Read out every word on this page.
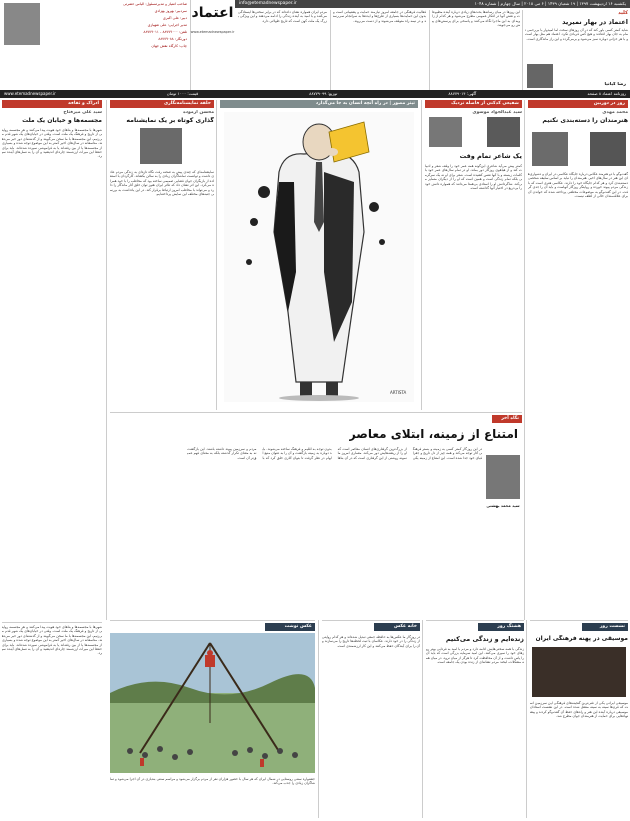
صاحب امتیاز و مدیرمسئول: الیاس حضرتی

سردبیر: بهروز بهزادی

دبیر: علی اکبری

مدیر اجرایی: علی شهبازی

تلفن: ۸۸۷۷۹۰۰۰ - ۸۸۷۷۹۰۱۱

دورنگار: ۸۸۷۷۹۰۸۸

چاپ: کارگاه نقش جهان

اعتماد
www.etemadnewspaper.ir
info@etemadnewspaper.ir	یکشنبه ۱۶ اردیبهشت ۱۳۹۷ | ۱۹ شعبان ۱۴۳۹ | ۶ می ۲۰۱۸ | سال چهارم | شماره ۱۰۴۸
کلید
اعتماد در بهار نمیرید
شاید کمتر کسی باور کند که در آن روزهای سخت اما امیدوار با بی‌رحمی تمام به جان بهار افتادند و هیچ کس فریادی نکرد. اعتماد هم مثل بهار است و با هر خزانی دوباره سبز می‌شود و برمی‌گردد و این راز ماندگاری است.
رضا کیانیا
این روزها در میان رسانه‌ها بحث‌های زیادی درباره آینده مطبوعات و نقش آنها در افکار عمومی مطرح می‌شود و هر کدام از زاویه‌ای به این ماجرا نگاه می‌کنند و پاسخی برای پرسش‌های پیش رو می‌جویند.
فعالیت فرهنگی در جامعه امروز نیازمند حمایت و پشتیبانی است و بدون این حمایت‌ها بسیاری از طرح‌ها و ایده‌ها به سرانجام نمی‌رسند و در نیمه راه متوقف می‌شوند و از دست می‌روند.
مردم ایران همواره نشان داده‌اند که در برابر سختی‌ها ایستادگی می‌کنند و با امید به آینده زندگی را ادامه می‌دهند و این ویژگی بزرگ یک ملت کهن است که تاریخ طولانی دارد.
روزنامه اعتماد ۸ صفحه
آگهی: ۸۸۷۷۹۰۱۴
توزیع: ۸۸۷۷۹۰۹۹
قیمت: ۱۰۰۰ تومان
www.etemadnewspaper.ir
روز در دوربین
محمد مهدی
هنرمندان را دسته‌بندی نکنیم
گفت‌وگو با دو هنرمند عکاس درباره جایگاه عکاسی در ایران و دشواری‌های این هنر در سال‌های اخیر. هنرمندان را نباید بر اساس سلیقه شخصی دسته‌بندی کرد و هر کدام جایگاه خود را دارند. عکاسی هنری است که با زندگی مردم پیوند خورده و روایتگر روزگار آنهاست و باید آن را جدی گرفت. در این گفت‌وگو به موضوعات مختلفی پرداخته شده که خواندن آن برای علاقه‌مندان خالی از لطف نیست.
شفیعی کدکنی از فاصله نزدیک
سید عبدالجواد موسوی
یک شاعر تمام وقت
کمتر پیش می‌آید شاعری این‌گونه همه عمر خود را وقف شعر و ادبیات کند و از هیاهوی روزگار دور بماند. او در تمام سال‌های عمر خود با کلمات زیسته و با آنها نفس کشیده است. شعر برای او نه یک سرگرمی بلکه تمام زندگی است و همین است که او را از دیگران متمایز می‌کند. شاگردانش او را استادی بی‌همتا می‌دانند که همواره دانش خود را بی‌دریغ در اختیار آنها گذاشته است.
تیتر مصور | در راه آنچه انسان به جا می‌گذارد
ARTISTA
حلقه نمایشنامه‌نگاری
محسن آزموده
گذاری کوتاه بر یک نمایشنامه
نمایشنامه‌ای که چندی پیش به صحنه رفت نگاه تازه‌ای به زندگی مردم عادی داشت و توانست تماشاگران زیادی را به سالن بکشاند. کارگردان با استفاده از بازیگران جوان فضایی صمیمی ساخته بود که مخاطب را با خود همراه می‌کرد. این اثر نشان داد که تئاتر ایران هنوز توان خلق آثار ماندگار را دارد و می‌تواند با مخاطب امروز ارتباط برقرار کند. در این یادداشت به بررسی جنبه‌های مختلف این نمایش پرداخته‌ایم.
ادراک و ثقافه
سید علی میرفتاح
مجسمه‌ها و خیابان یک ملت
شهرها با مجسمه‌ها و بناهای خود هویت پیدا می‌کنند و هر مجسمه روایتی از تاریخ و فرهنگ یک ملت است. وقتی در خیابان‌های یک شهر قدم می‌زنیم، این مجسمه‌ها با ما سخن می‌گویند و از گذشته‌ای دور خبر می‌دهند. متاسفانه در سال‌های اخیر کمتر به این موضوع توجه شده و بسیاری از مجسمه‌ها یا از بین رفته‌اند یا به فراموشی سپرده شده‌اند. باید برای حفظ این میراث ارزشمند چاره‌ای اندیشید و آن را به نسل‌های آینده سپرد.
نگاه آخر
امتناع از زمینه، ابتلای معاصر
سید محمد بهشتی
در این روزگار کمتر کسی به زمینه و بستر فرهنگی آثار توجه می‌کند و همه چیز از دل تاریخ و جغرافیای خود جدا شده است. این امتناع از زمینه یکی از بزرگ‌ترین گرفتاری‌های انسان معاصر است که او را از ریشه‌هایش دور می‌کند. معماری امروز ما نمونه روشنی از این گرفتاری است که در آن بناها بدون توجه به اقلیم و فرهنگ ساخته می‌شوند. باید دوباره به زمینه بازگشت و آن را به عنوان منبع الهام در نظر گرفت تا بتوان آثاری خلق کرد که با مردم و سرزمین پیوند داشته باشند. این بازگشت نه به معنای تکرار گذشته بلکه به معنای فهم عمیق‌تر آن است.
عکس نوشت
جشنواره سنتی روستایی در شمال ایران که هر سال با حضور هزاران نفر از مردم برگزار می‌شود و مراسم سنتی بندبازی در آن اجرا می‌شود و تماشاگران زیادی را جذب می‌کند.
خانه عکس
در روزگار ما عکس‌ها به حافظه جمعی تبدیل شده‌اند و هر کدام روایتی از زندگی را در خود دارند. عکاسان با ثبت لحظه‌ها تاریخ را می‌سازند و آن را برای آیندگان حفظ می‌کنند و این کار ارزشمندی است.
هشتگ روز
زنده‌ایم و زندگی می‌کنیم
زندگی با همه سختی‌هایش ادامه دارد و مردم با امید به فردایی بهتر روزهای خود را سپری می‌کنند. این امید سرمایه بزرگی است که باید آن را پاس داشت و از آن محافظت کرد تا هرگز از میان نرود. در میان همه مشکلات، لبخند مردم نشانه‌ای از زنده بودن یک جامعه است.
نشست روز
موسیقی در پهنه فرهنگی ایران
موسیقی ایرانی یکی از غنی‌ترین گنجینه‌های فرهنگی این سرزمین است که قرن‌ها سینه به سینه منتقل شده است. در این نشست استادان موسیقی درباره آینده این هنر و راه‌های حفظ آن گفت‌وگو کردند و پیشنهادهایی برای حمایت از هنرمندان جوان مطرح شد.
شهرها با مجسمه‌ها و بناهای خود هویت پیدا می‌کنند و هر مجسمه روایتی از تاریخ و فرهنگ یک ملت است. وقتی در خیابان‌های یک شهر قدم می‌زنیم، این مجسمه‌ها با ما سخن می‌گویند و از گذشته‌ای دور خبر می‌دهند. متاسفانه در سال‌های اخیر کمتر به این موضوع توجه شده و بسیاری از مجسمه‌ها یا از بین رفته‌اند یا به فراموشی سپرده شده‌اند. باید برای حفظ این میراث ارزشمند چاره‌ای اندیشید و آن را به نسل‌های آینده سپرد.
